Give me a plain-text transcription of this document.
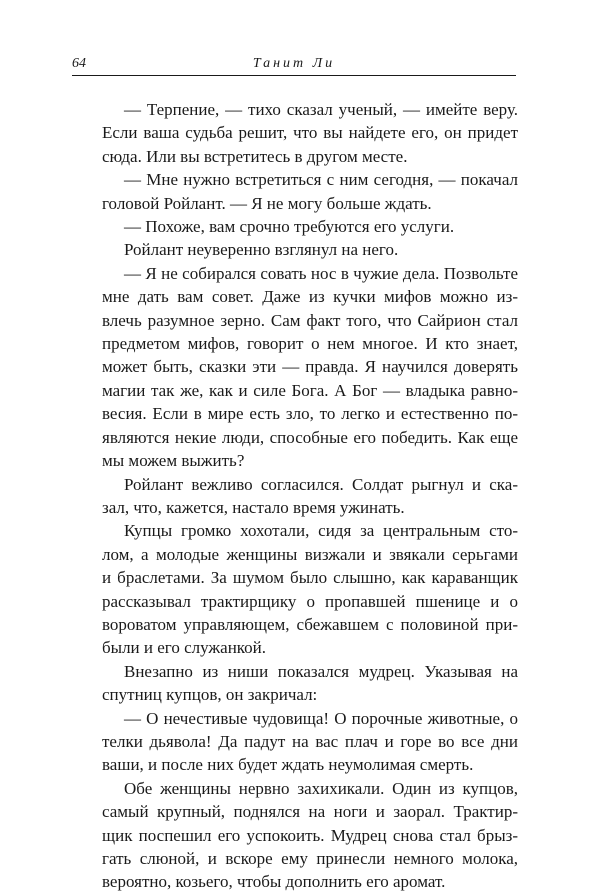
64	Танит Ли
— Терпение, — тихо сказал ученый, — имейте веру.
Если ваша судьба решит, что вы найдете его, он придет
сюда. Или вы встретитесь в другом месте.
— Мне нужно встретиться с ним сегодня, — покачал
головой Ройлант. — Я не могу больше ждать.
— Похоже, вам срочно требуются его услуги.
Ройлант неуверенно взглянул на него.
— Я не собирался совать нос в чужие дела. Позвольте
мне дать вам совет. Даже из кучки мифов можно из-
влечь разумное зерно. Сам факт того, что Сайрион стал
предметом мифов, говорит о нем многое. И кто знает,
может быть, сказки эти — правда. Я научился доверять
магии так же, как и силе Бога. А Бог — владыка равно-
весия. Если в мире есть зло, то легко и естественно по-
являются некие люди, способные его победить. Как еще
мы можем выжить?
Ройлант вежливо согласился. Солдат рыгнул и ска-
зал, что, кажется, настало время ужинать.
Купцы громко хохотали, сидя за центральным сто-
лом, а молодые женщины визжали и звякали серьгами
и браслетами. За шумом было слышно, как караванщик
рассказывал трактирщику о пропавшей пшенице и о
вороватом управляющем, сбежавшем с половиной при-
были и его служанкой.
Внезапно из ниши показался мудрец. Указывая на
спутниц купцов, он закричал:
— О нечестивые чудовища! О порочные животные, о
телки дьявола! Да падут на вас плач и горе во все дни
ваши, и после них будет ждать неумолимая смерть.
Обе женщины нервно захихикали. Один из купцов,
самый крупный, поднялся на ноги и заорал. Трактир-
щик поспешил его успокоить. Мудрец снова стал брыз-
гать слюной, и вскоре ему принесли немного молока,
вероятно, козьего, чтобы дополнить его аромат.
